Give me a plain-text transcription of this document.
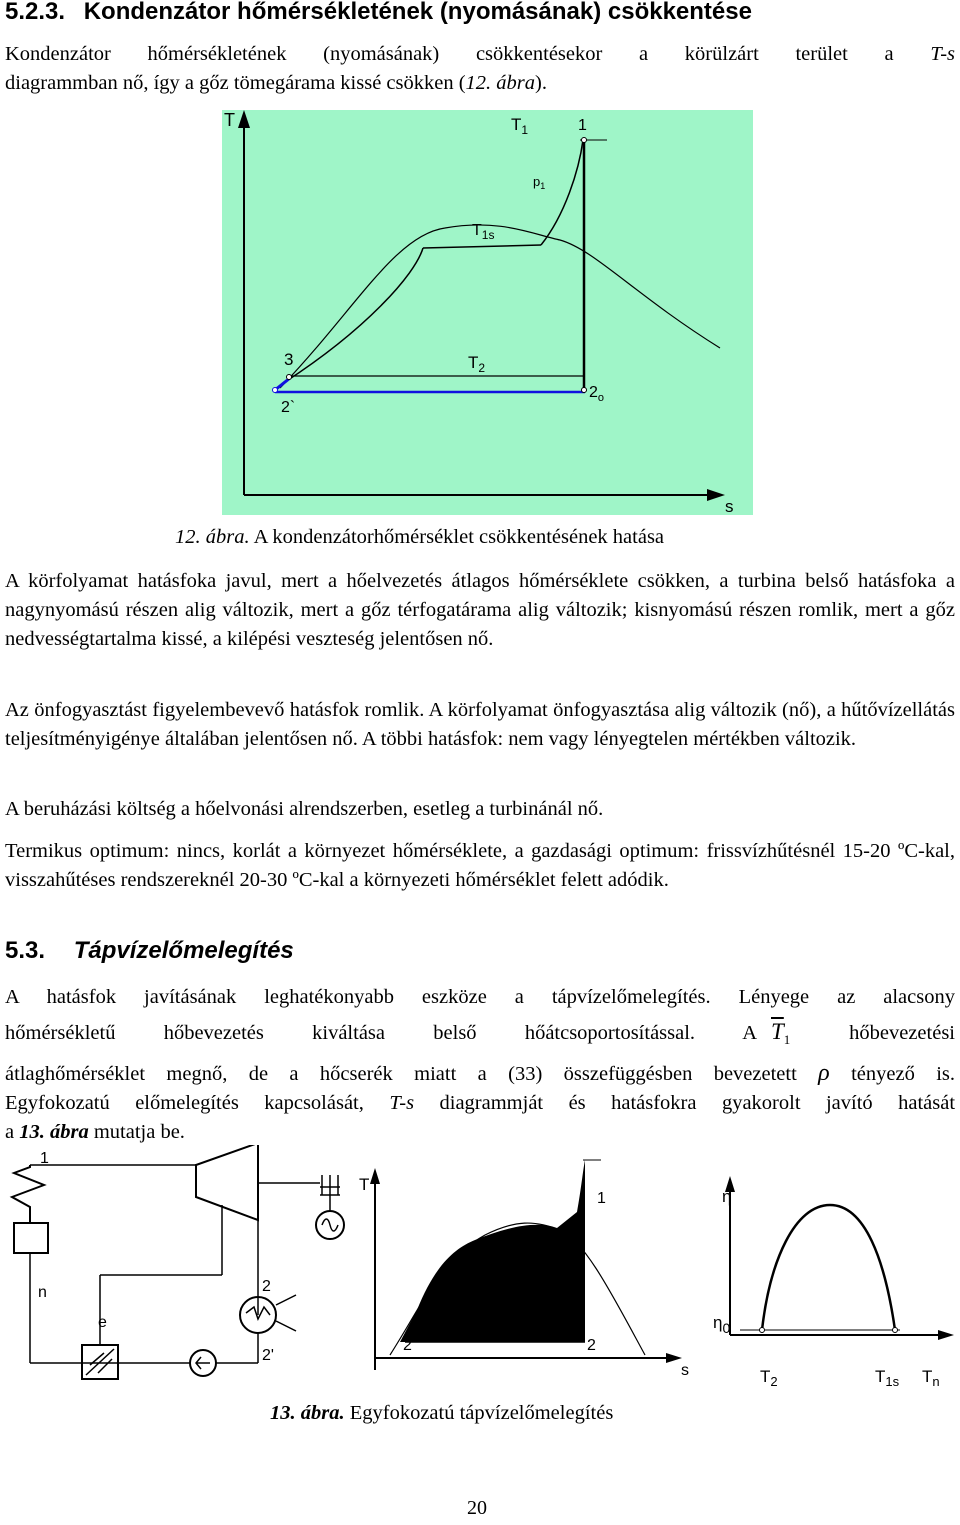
5.2.3. Kondenzátor hőmérsékletének (nyomásának) csökkentése
Kondenzátor hőmérsékletének (nyomásának) csökkentésekor a körülzárt terület a T-s
diagrammban nő, így a gőz tömegárama kissé csökken (12. ábra).
T
s
$T_1$	1
$p_1$
$T_{1s}$
3	$T_2$
2`
$2_o$
12. ábra. A kondenzátorhőmérséklet csökkentésének hatása

A körfolyamat hatásfoka javul, mert a hőelvezetés átlagos hőmérséklete csökken, a turbina belső hatásfoka a nagynyomású részen alig változik, mert a gőz térfogatárama alig változik; kisnyomású részen romlik, mert a gőz nedvességtartalma kissé, a kilépési veszteség jelentősen nő.

Az önfogyasztást figyelembevevő hatásfok romlik. A körfolyamat önfogyasztása alig változik (nő), a hűtővízellátás teljesítményigénye általában jelentősen nő. A többi hatásfok: nem vagy lényegtelen mértékben változik.

A beruházási költség a hőelvonási alrendszerben, esetleg a turbinánál nő.

Termikus optimum: nincs, korlát a környezet hőmérséklete, a gazdasági optimum: frissvízhűtésnél 15-20 ºC-kal, visszahűtéses rendszereknél 20-30 ºC-kal a környezeti hőmérséklet felett adódik.

5.3. Tápvízelőmelegítés
A hatásfok javításának leghatékonyabb eszköze a tápvízelőmelegítés. Lényege az alacsony
hőmérsékletű hőbevezetés kiváltása belső hőátcsoportosítással. A $\overline{T}_1$	hőbevezetési
átlaghőmérséklet megnő, de a hőcserék miatt a (33) összefüggésben bevezetett ρ tényező is.
Egyfokozatú előmelegítés kapcsolását, T-s diagrammját és hatásfokra gyakorolt javító hatását
a 13. ábra mutatja be.
1
n
e
2
2'
T
1
n	e
2'	2
s
η
$\eta_0$
$T_2$	$T_{1s}$ $T_n$
13. ábra. Egyfokozatú tápvízelőmelegítés
20
